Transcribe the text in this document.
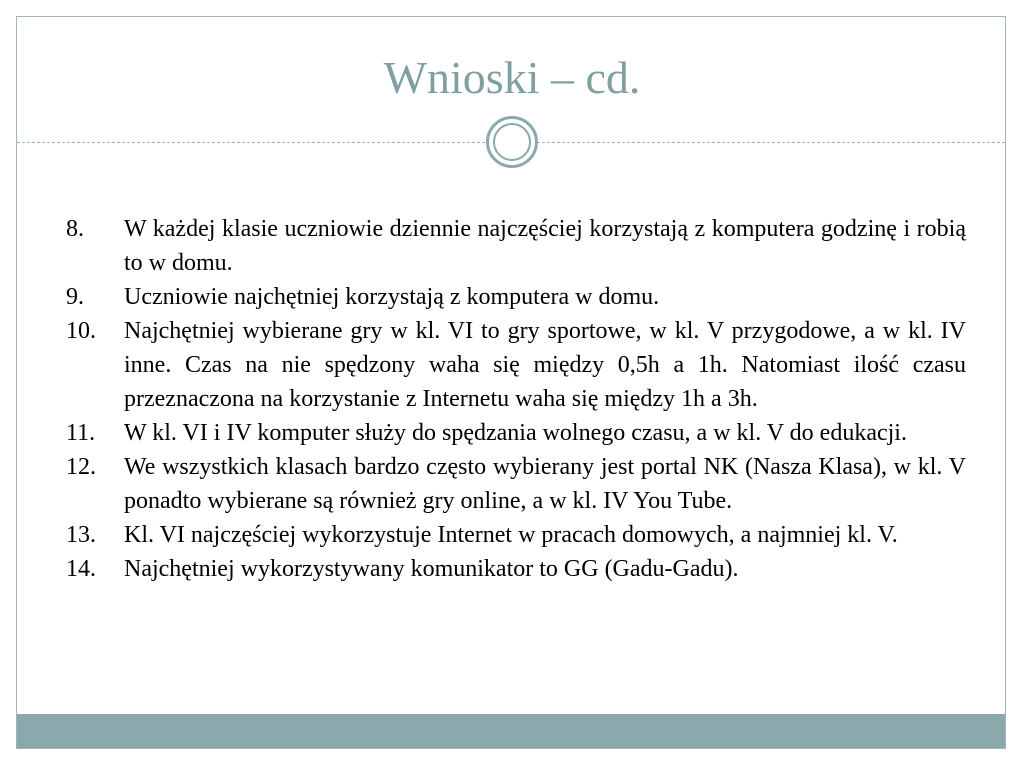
Wnioski – cd.
8.	W każdej klasie uczniowie dziennie najczęściej korzystają z komputera godzinę i robią to w domu.
9.	Uczniowie najchętniej korzystają z komputera w domu.
10.	Najchętniej wybierane gry w kl. VI to gry sportowe, w kl. V przygodowe, a w kl. IV inne. Czas na nie spędzony waha się między 0,5h a 1h. Natomiast ilość czasu przeznaczona na korzystanie z Internetu waha się między 1h a 3h.
11.	W kl. VI i IV komputer służy do spędzania wolnego czasu, a w kl. V do edukacji.
12.	We wszystkich klasach bardzo często wybierany jest portal NK (Nasza Klasa), w kl. V ponadto wybierane są również gry online, a w kl. IV You Tube.
13.	Kl. VI najczęściej wykorzystuje Internet w pracach domowych, a najmniej kl. V.
14.	Najchętniej wykorzystywany komunikator to GG (Gadu-Gadu).
